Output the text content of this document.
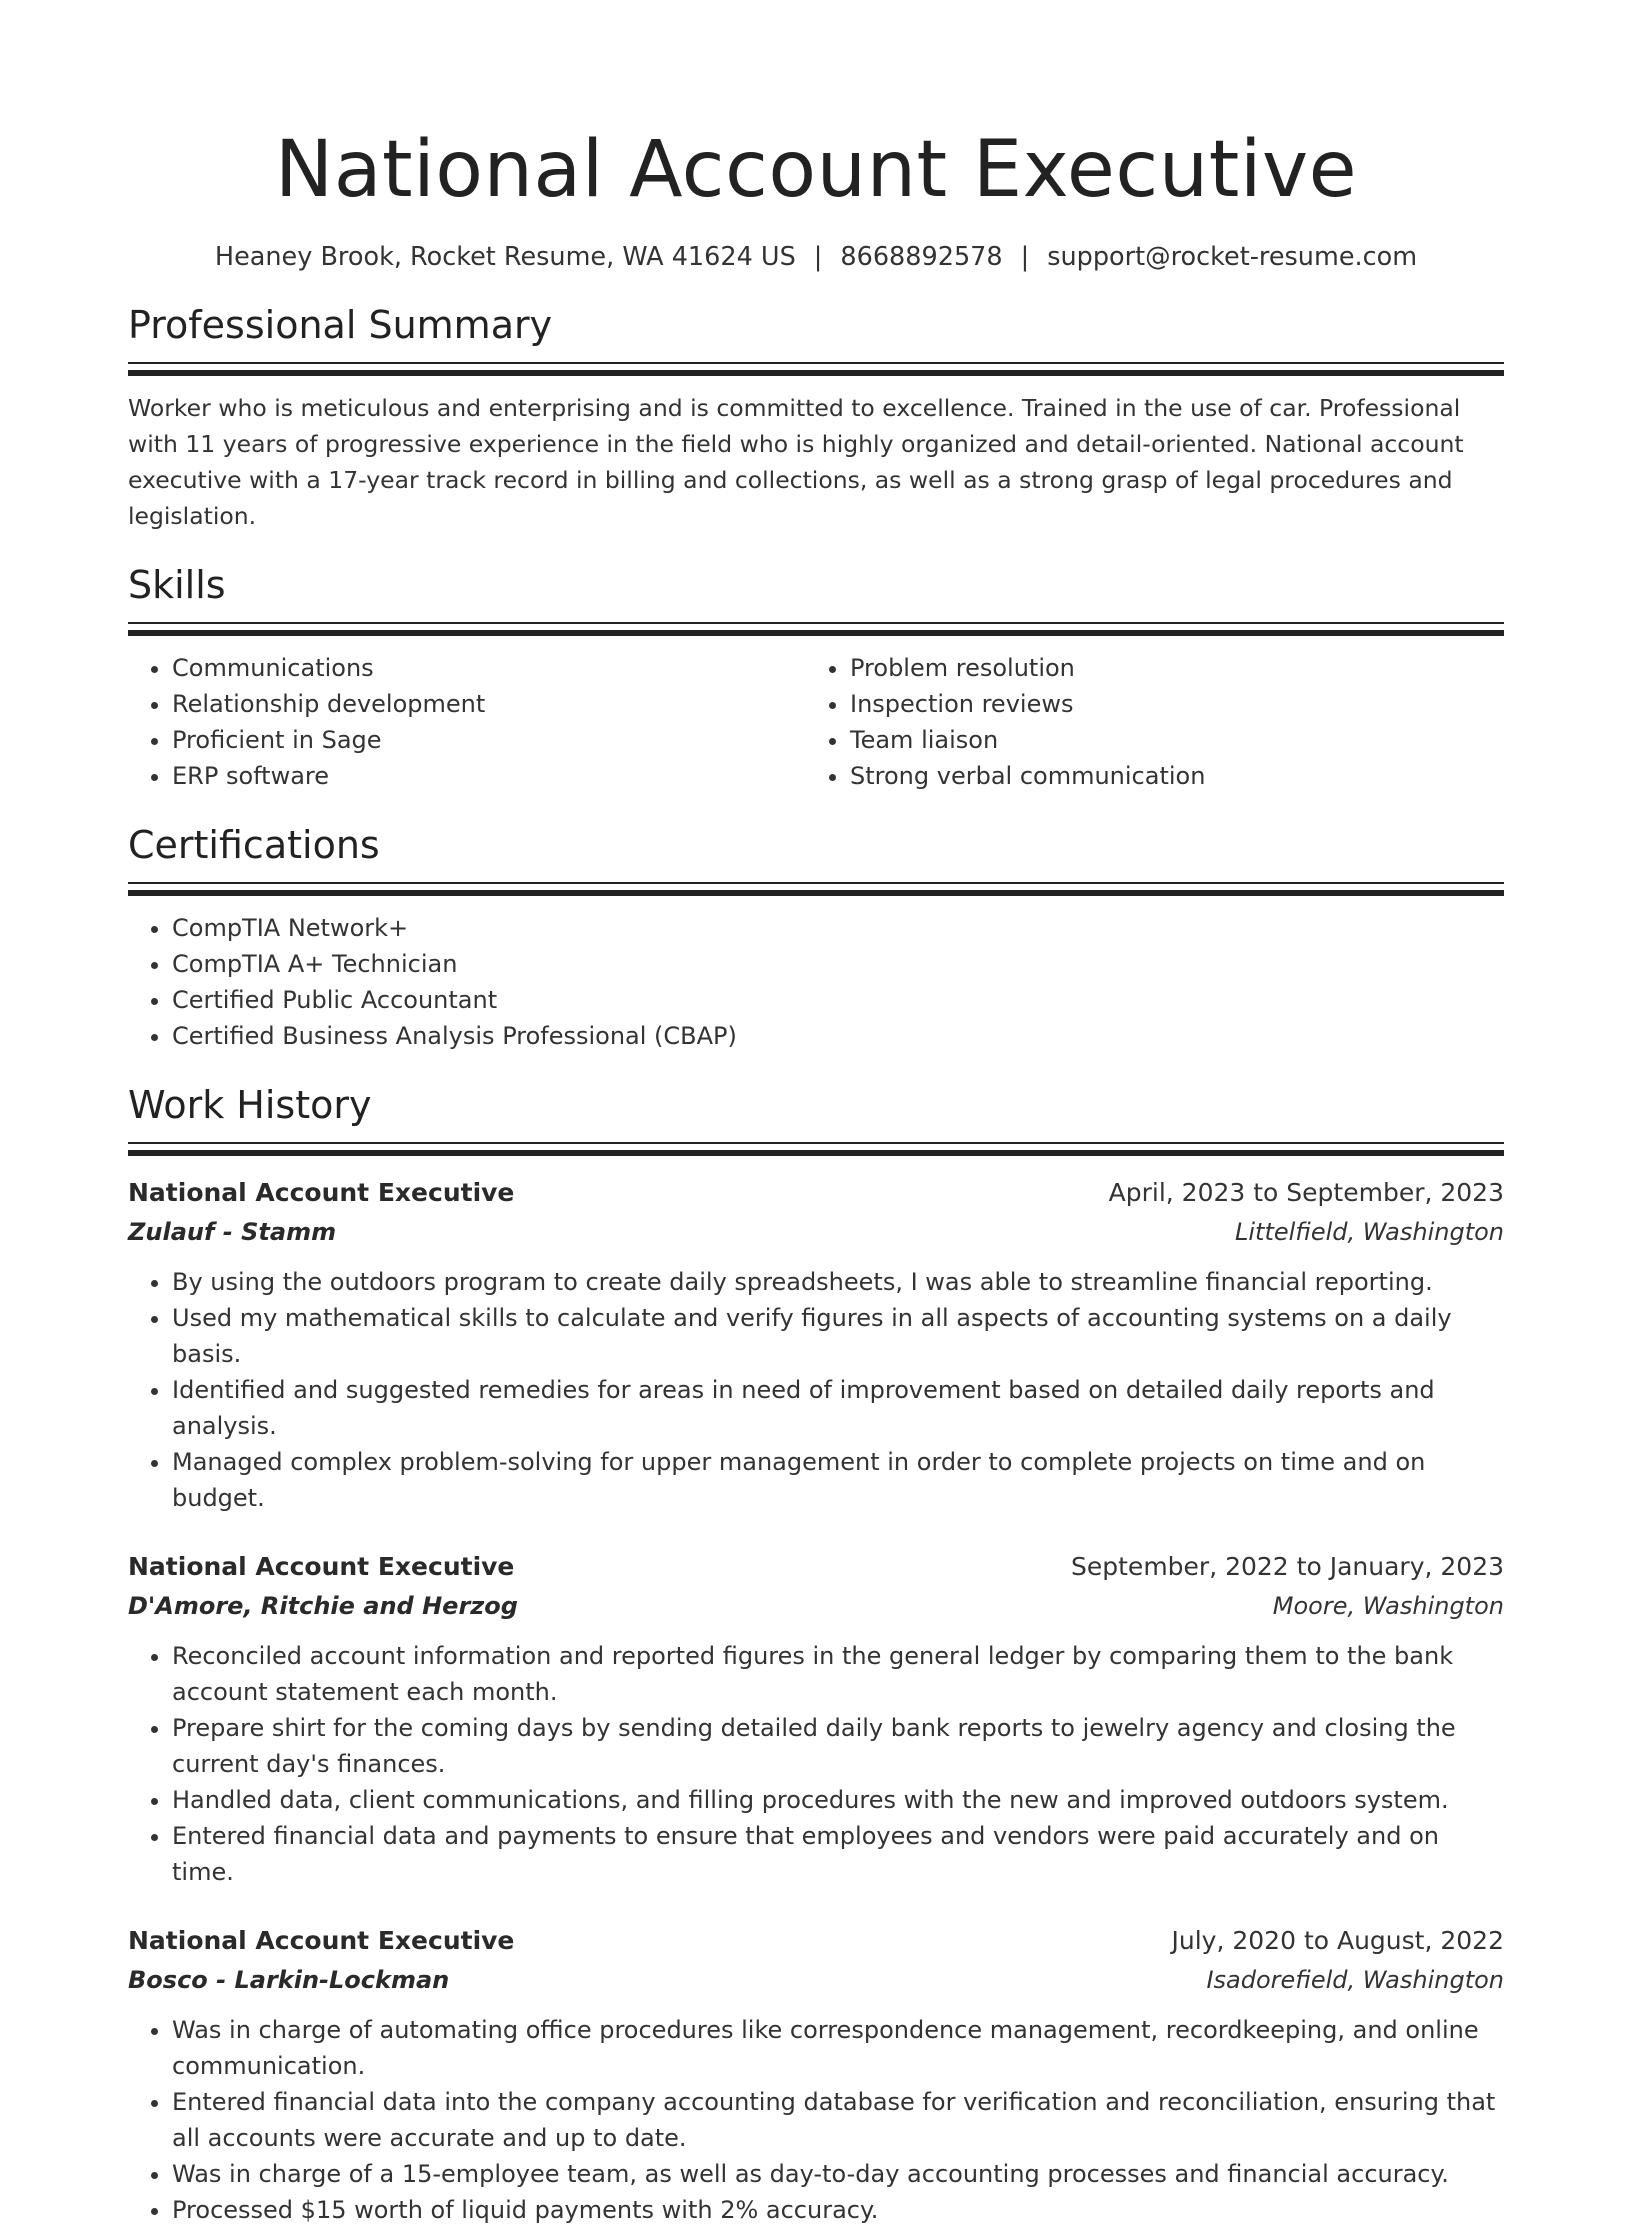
National Account Executive
Heaney Brook, Rocket Resume, WA 41624 US | 8668892578 | support@rocket-resume.com
Professional Summary
Worker who is meticulous and enterprising and is committed to excellence. Trained in the use of car. Professional with 11 years of progressive experience in the field who is highly organized and detail-oriented. National account executive with a 17-year track record in billing and collections, as well as a strong grasp of legal procedures and legislation.
Skills
• Communications
• Relationship development
• Proficient in Sage
• ERP software
• Problem resolution
• Inspection reviews
• Team liaison
• Strong verbal communication
Certifications
• CompTIA Network+
• CompTIA A+ Technician
• Certified Public Accountant
• Certified Business Analysis Professional (CBAP)
Work History
National Account Executive	April, 2023 to September, 2023
Zulauf - Stamm	Littelfield, Washington
• By using the outdoors program to create daily spreadsheets, I was able to streamline financial reporting.
• Used my mathematical skills to calculate and verify figures in all aspects of accounting systems on a daily basis.
• Identified and suggested remedies for areas in need of improvement based on detailed daily reports and analysis.
• Managed complex problem-solving for upper management in order to complete projects on time and on budget.
National Account Executive	September, 2022 to January, 2023
D'Amore, Ritchie and Herzog	Moore, Washington
• Reconciled account information and reported figures in the general ledger by comparing them to the bank account statement each month.
• Prepare shirt for the coming days by sending detailed daily bank reports to jewelry agency and closing the current day's finances.
• Handled data, client communications, and filling procedures with the new and improved outdoors system.
• Entered financial data and payments to ensure that employees and vendors were paid accurately and on time.
National Account Executive	July, 2020 to August, 2022
Bosco - Larkin-Lockman	Isadorefield, Washington
• Was in charge of automating office procedures like correspondence management, recordkeeping, and online communication.
• Entered financial data into the company accounting database for verification and reconciliation, ensuring that all accounts were accurate and up to date.
• Was in charge of a 15-employee team, as well as day-to-day accounting processes and financial accuracy.
• Processed $15 worth of liquid payments with 2% accuracy.
